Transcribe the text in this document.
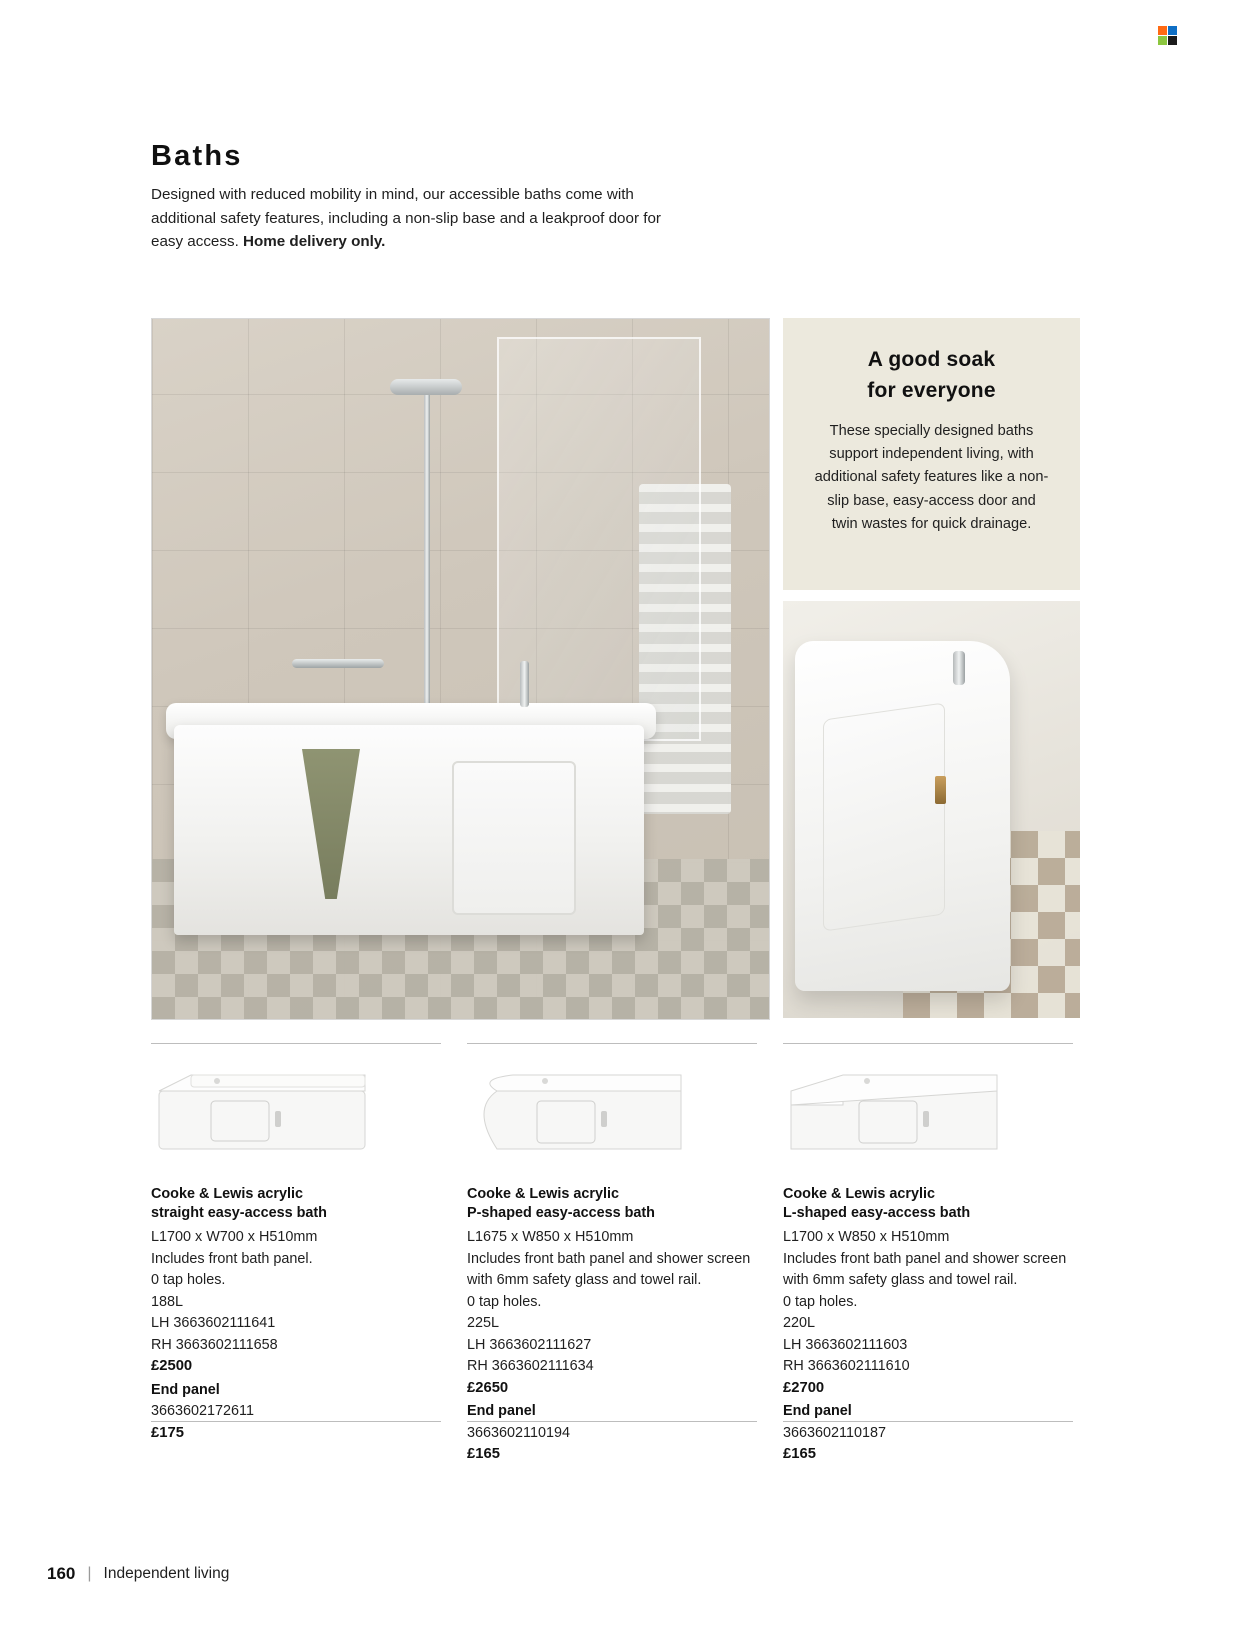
Baths

Designed with reduced mobility in mind, our accessible baths come with additional safety features, including a non-slip base and a leakproof door for easy access. Home delivery only.

A good soak
for everyone

These specially designed baths support independent living, with additional safety features like a non-slip base, easy-access door and twin wastes for quick drainage.

Cooke & Lewis acrylic
straight easy-access bath
L1700 x W700 x H510mm
Includes front bath panel.
0 tap holes.
188L
LH 3663602111641
RH 3663602111658
£2500
End panel
3663602172611
£175
Cooke & Lewis acrylic
P-shaped easy-access bath
L1675 x W850 x H510mm
Includes front bath panel and shower screen with 6mm safety glass and towel rail.
0 tap holes.
225L
LH 3663602111627
RH 3663602111634
£2650
End panel
3663602110194
£165
Cooke & Lewis acrylic
L-shaped easy-access bath
L1700 x W850 x H510mm
Includes front bath panel and shower screen with 6mm safety glass and towel rail.
0 tap holes.
220L
LH 3663602111603
RH 3663602111610
£2700
End panel
3663602110187
£165
160 | Independent living
